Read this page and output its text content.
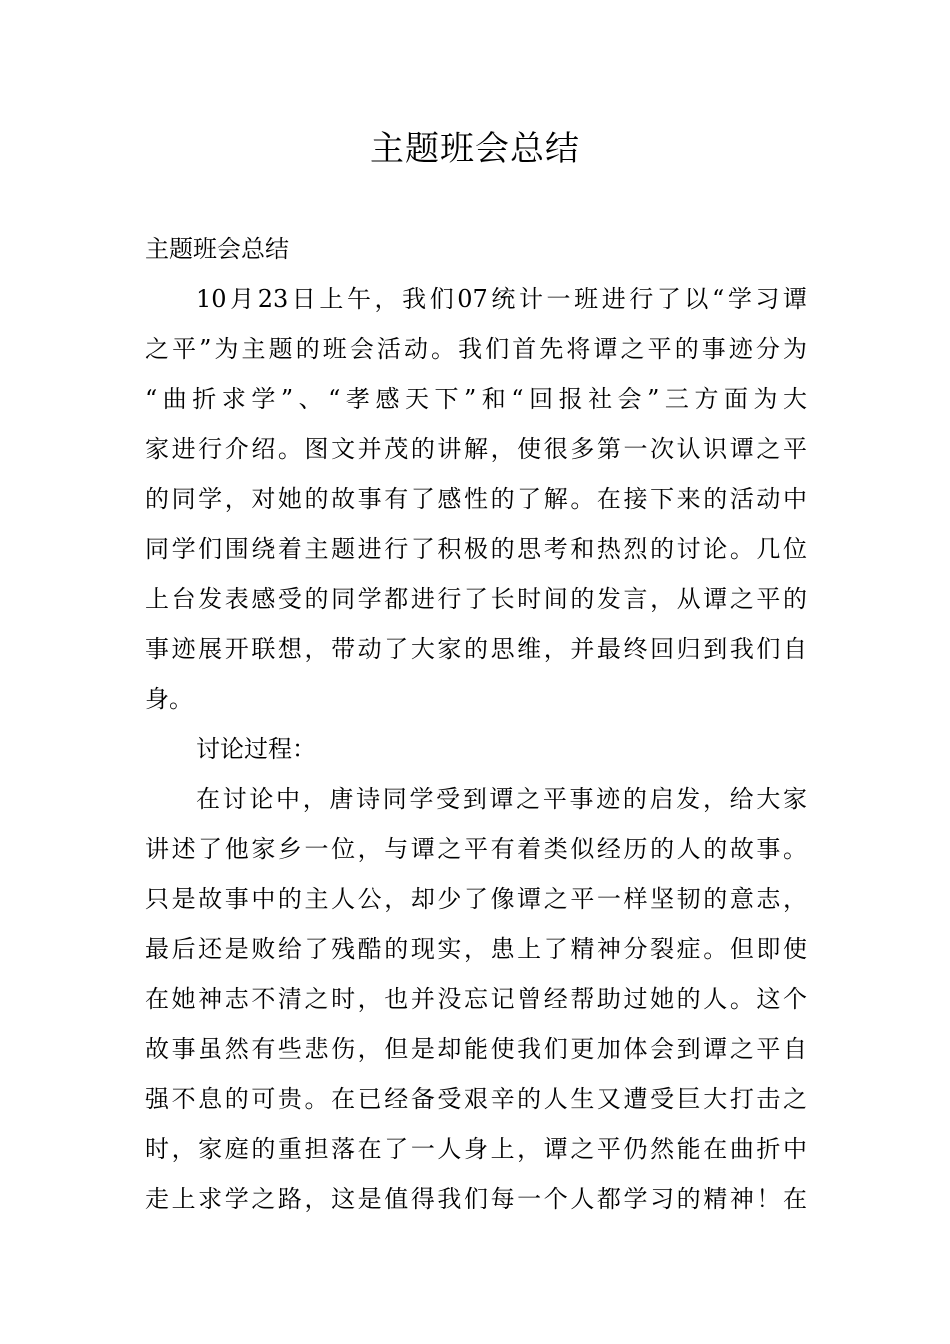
主题班会总结
主题班会总结
10月23日上午，我们07统计一班进行了以“学习谭
之平”为主题的班会活动。我们首先将谭之平的事迹分为
“曲折求学”、“孝感天下”和“回报社会”三方面为大
家进行介绍。图文并茂的讲解，使很多第一次认识谭之平
的同学，对她的故事有了感性的了解。在接下来的活动中
同学们围绕着主题进行了积极的思考和热烈的讨论。几位
上台发表感受的同学都进行了长时间的发言，从谭之平的
事迹展开联想，带动了大家的思维，并最终回归到我们自
身。
讨论过程：
在讨论中，唐诗同学受到谭之平事迹的启发，给大家
讲述了他家乡一位，与谭之平有着类似经历的人的故事。
只是故事中的主人公，却少了像谭之平一样坚韧的意志，
最后还是败给了残酷的现实，患上了精神分裂症。但即使
在她神志不清之时，也并没忘记曾经帮助过她的人。这个
故事虽然有些悲伤，但是却能使我们更加体会到谭之平自
强不息的可贵。在已经备受艰辛的人生又遭受巨大打击之
时，家庭的重担落在了一人身上，谭之平仍然能在曲折中
走上求学之路，这是值得我们每一个人都学习的精神！在
